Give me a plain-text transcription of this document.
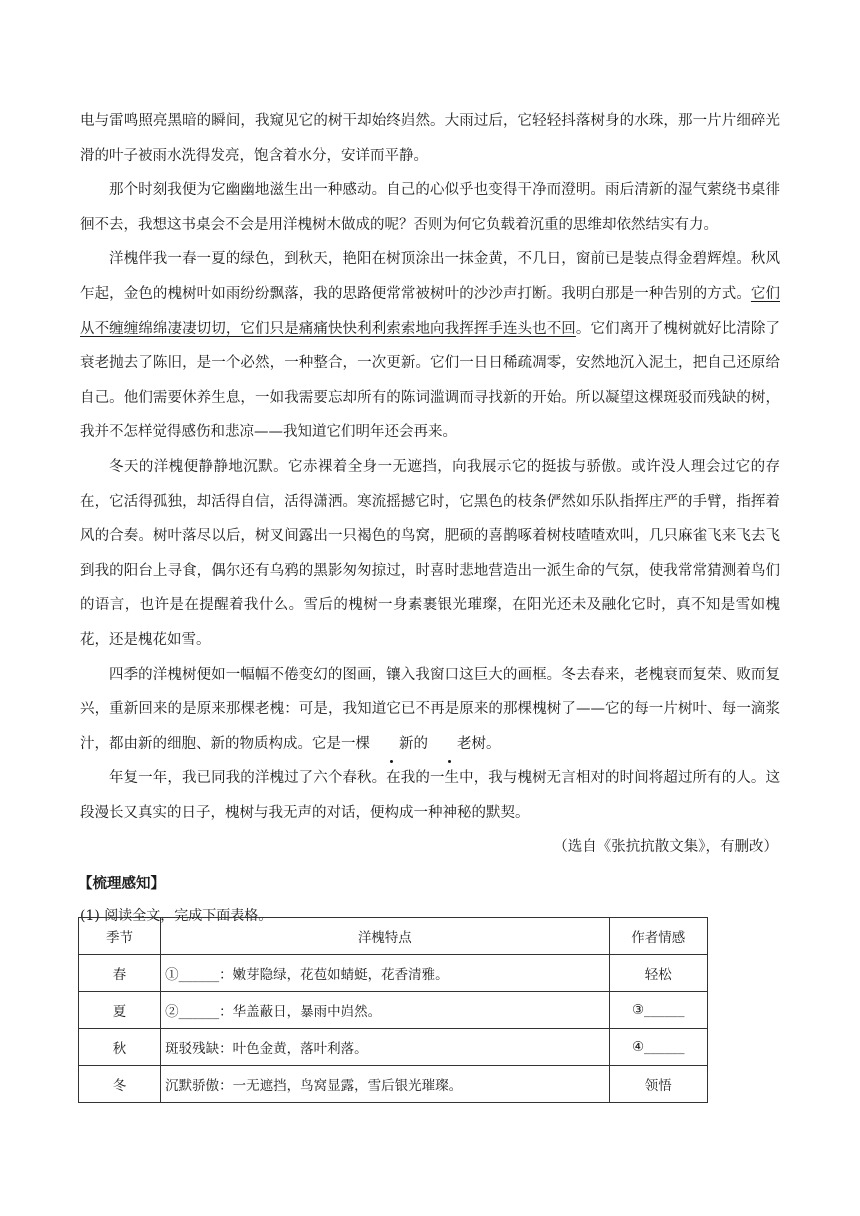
电与雷鸣照亮黑暗的瞬间，我窥见它的树干却始终岿然。大雨过后，它轻轻抖落树身的水珠，那一片片细碎光滑的叶子被雨水洗得发亮，饱含着水分，安详而平静。

那个时刻我便为它幽幽地滋生出一种感动。自己的心似乎也变得干净而澄明。雨后清新的湿气萦绕书桌徘徊不去，我想这书桌会不会是用洋槐树木做成的呢？否则为何它负载着沉重的思维却依然结实有力。

洋槐伴我一春一夏的绿色，到秋天，艳阳在树顶涂出一抹金黄，不几日，窗前已是装点得金碧辉煌。秋风乍起，金色的槐树叶如雨纷纷飘落，我的思路便常常被树叶的沙沙声打断。我明白那是一种告别的方式。它们从不缠缠绵绵凄凄切切，它们只是痛痛快快利利索索地向我挥挥手连头也不回。它们离开了槐树就好比清除了衰老抛去了陈旧，是一个必然，一种整合，一次更新。它们一日日稀疏凋零，安然地沉入泥土，把自己还原给自己。他们需要休养生息，一如我需要忘却所有的陈词滥调而寻找新的开始。所以凝望这棵斑驳而残缺的树，我并不怎样觉得感伤和悲凉——我知道它们明年还会再来。

冬天的洋槐便静静地沉默。它赤裸着全身一无遮挡，向我展示它的挺拔与骄傲。或许没人理会过它的存在，它活得孤独，却活得自信，活得潇洒。寒流摇撼它时，它黑色的枝条俨然如乐队指挥庄严的手臂，指挥着风的合奏。树叶落尽以后，树叉间露出一只褐色的鸟窝，肥硕的喜鹊啄着树枝喳喳欢叫，几只麻雀飞来飞去飞到我的阳台上寻食，偶尔还有乌鸦的黑影匆匆掠过，时喜时悲地营造出一派生命的气氛，使我常常猜测着鸟们的语言，也许是在提醒着我什么。雪后的槐树一身素裹银光璀璨，在阳光还未及融化它时，真不知是雪如槐花，还是槐花如雪。

四季的洋槐树便如一幅幅不倦变幻的图画，镶入我窗口这巨大的画框。冬去春来，老槐衰而复荣、败而复兴，重新回来的是原来那棵老槐：可是，我知道它已不再是原来的那棵槐树了——它的每一片树叶、每一滴浆汁，都由新的细胞、新的物质构成。它是一棵 新的 老树。

年复一年，我已同我的洋槐过了六个春秋。在我的一生中，我与槐树无言相对的时间将超过所有的人。这段漫长又真实的日子，槐树与我无声的对话，便构成一种神秘的默契。

（选自《张抗抗散文集》，有删改）

【梳理感知】

(1) 阅读全文，完成下面表格。

季节	洋槐特点	作者情感
春	①______：嫩芽隐绿，花苞如蜻蜓，花香清雅。	轻松
夏	②______：华盖蔽日，暴雨中岿然。	③______
秋	斑驳残缺：叶色金黄，落叶利落。	④______
冬	沉默骄傲：一无遮挡，鸟窝显露，雪后银光璀璨。	领悟
